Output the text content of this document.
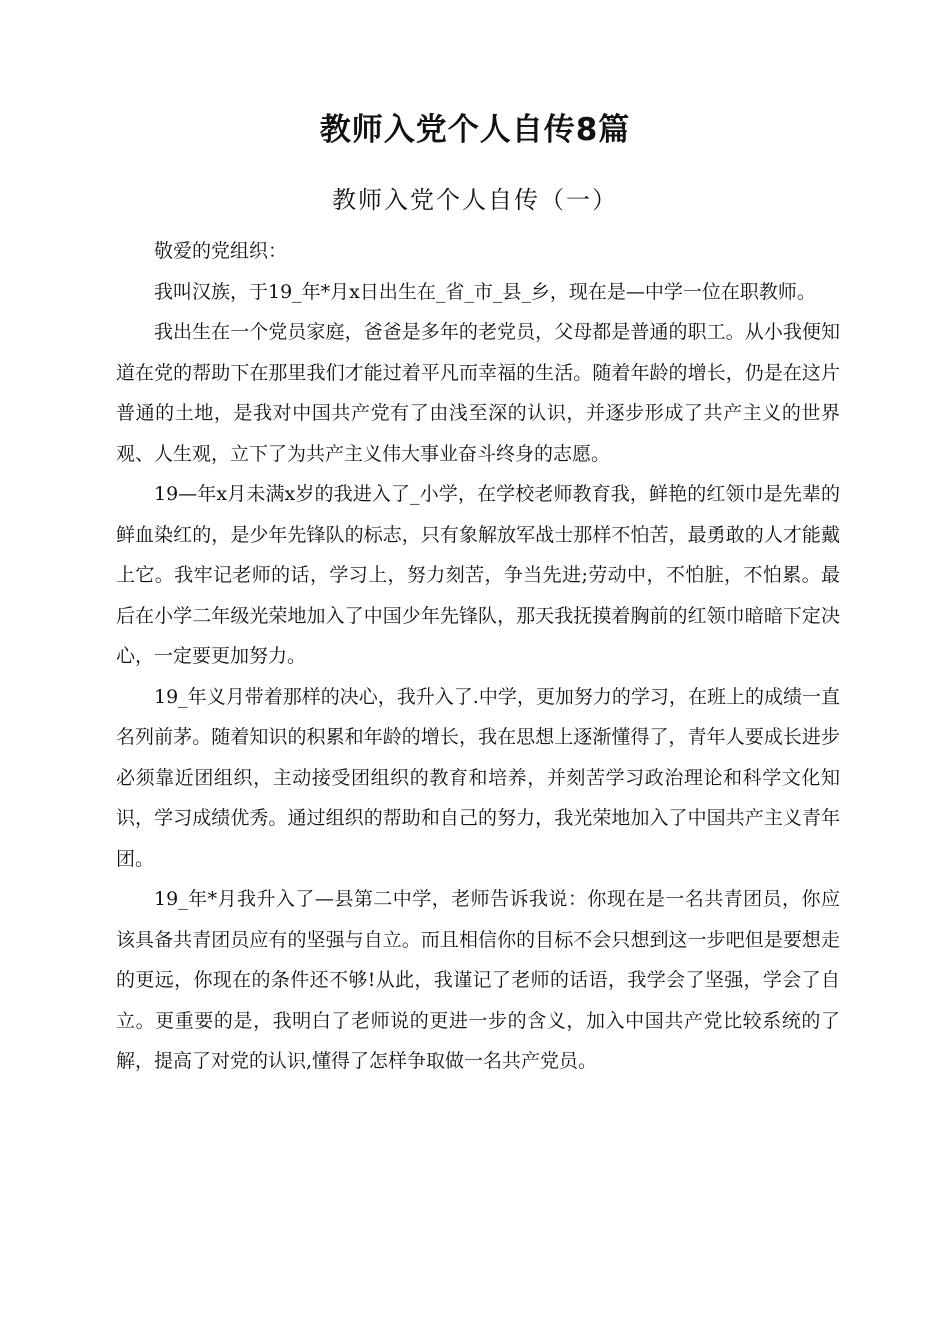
教师入党个人自传8篇
教师入党个人自传（一）

敬爱的党组织：

我叫汉族，于19_年*月x日出生在_省_市_县_乡，现在是—中学一位在职教师。

我出生在一个党员家庭，爸爸是多年的老党员，父母都是普通的职工。从小我便知道在党的帮助下在那里我们才能过着平凡而幸福的生活。随着年龄的增长，仍是在这片普通的土地，是我对中国共产党有了由浅至深的认识，并逐步形成了共产主义的世界观、人生观，立下了为共产主义伟大事业奋斗终身的志愿。

19—年x月未满x岁的我进入了_小学，在学校老师教育我，鲜艳的红领巾是先辈的鲜血染红的，是少年先锋队的标志，只有象解放军战士那样不怕苦，最勇敢的人才能戴上它。我牢记老师的话，学习上，努力刻苦，争当先进;劳动中，不怕脏，不怕累。最后在小学二年级光荣地加入了中国少年先锋队，那天我抚摸着胸前的红领巾暗暗下定决心，一定要更加努力。

19_年义月带着那样的决心，我升入了.中学，更加努力的学习，在班上的成绩一直名列前茅。随着知识的积累和年龄的增长，我在思想上逐渐懂得了，青年人要成长进步必须靠近团组织，主动接受团组织的教育和培养，并刻苦学习政治理论和科学文化知识，学习成绩优秀。通过组织的帮助和自己的努力，我光荣地加入了中国共产主义青年团。

19_年*月我升入了—县第二中学，老师告诉我说：你现在是一名共青团员，你应该具备共青团员应有的坚强与自立。而且相信你的目标不会只想到这一步吧但是要想走的更远，你现在的条件还不够!从此，我谨记了老师的话语，我学会了坚强，学会了自立。更重要的是，我明白了老师说的更进一步的含义，加入中国共产党比较系统的了解，提高了对党的认识,懂得了怎样争取做一名共产党员。
